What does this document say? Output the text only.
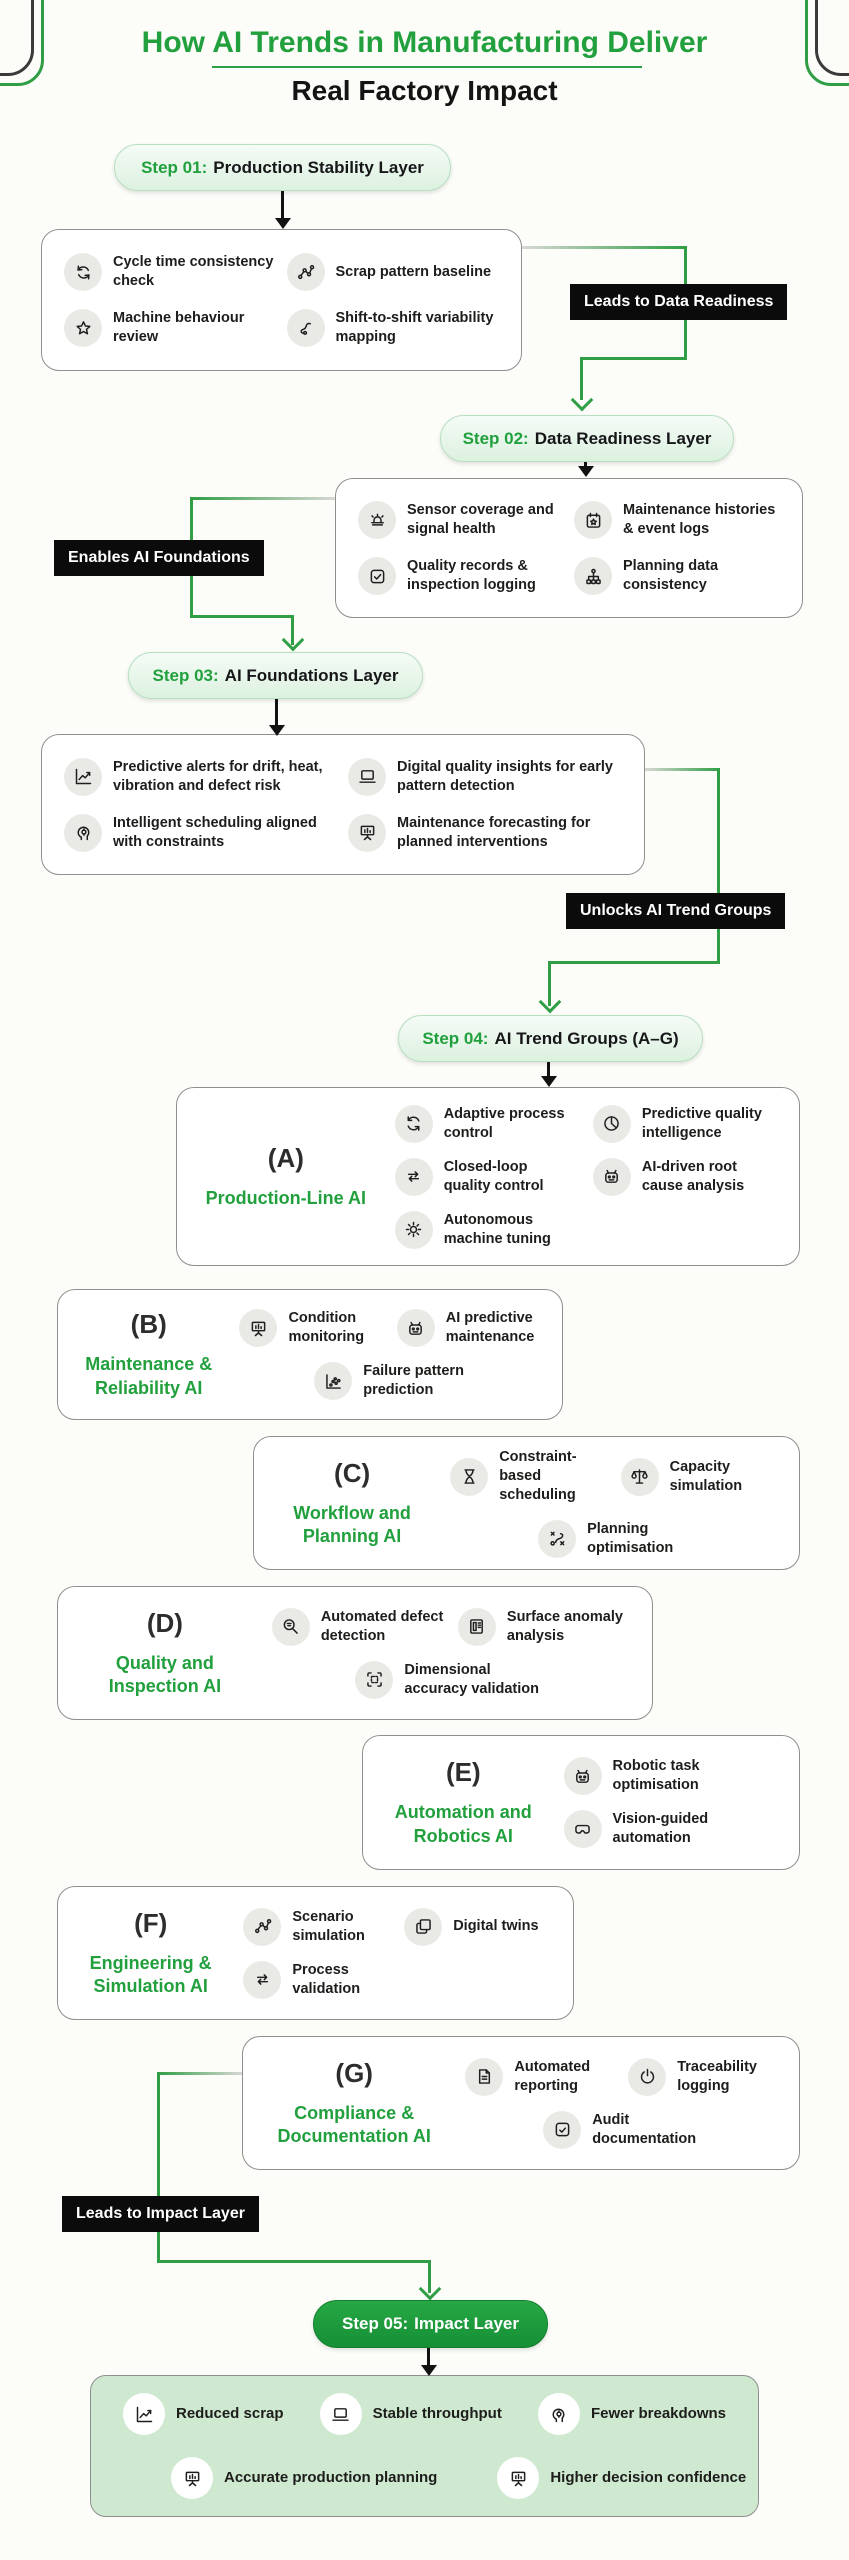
How AI Trends in Manufacturing Deliver
Real Factory Impact
Leads to Data Readiness
Enables AI Foundations
Unlocks AI Trend Groups
Leads to Impact Layer
Step 01: Production Stability Layer
Step 02: Data Readiness Layer
Step 03: AI Foundations Layer
Step 04: AI Trend Groups (A–G)
Step 05: Impact Layer
Cycle time consistency check
Scrap pattern baseline
Machine behaviour review
Shift-to-shift variability mapping
Sensor coverage and signal health
Maintenance histories & event logs
Quality records & inspection logging
Planning data consistency
Predictive alerts for drift, heat, vibration and defect risk
Digital quality insights for early pattern detection
Intelligent scheduling aligned with constraints
Maintenance forecasting for planned interventions
(A)
Production-Line AI
Adaptive process control
Predictive quality intelligence
Closed-loop quality control
AI-driven root cause analysis
Autonomous machine tuning
(B)
Maintenance & Reliability AI
Condition monitoring
AI predictive maintenance
Failure pattern prediction
(C)
Workflow and Planning AI
Constraint-based scheduling
Capacity simulation
Planning optimisation
(D)
Quality and Inspection AI
Automated defect detection
Surface anomaly analysis
Dimensional accuracy validation
(E)
Automation and Robotics AI
Robotic task optimisation
Vision-guided automation
(F)
Engineering & Simulation AI
Scenario simulation
Digital twins
Process validation
(G)
Compliance & Documentation AI
Automated reporting
Traceability logging
Audit documentation
Reduced scrap	Stable throughput	Fewer breakdowns
Accurate production planning	Higher decision confidence
